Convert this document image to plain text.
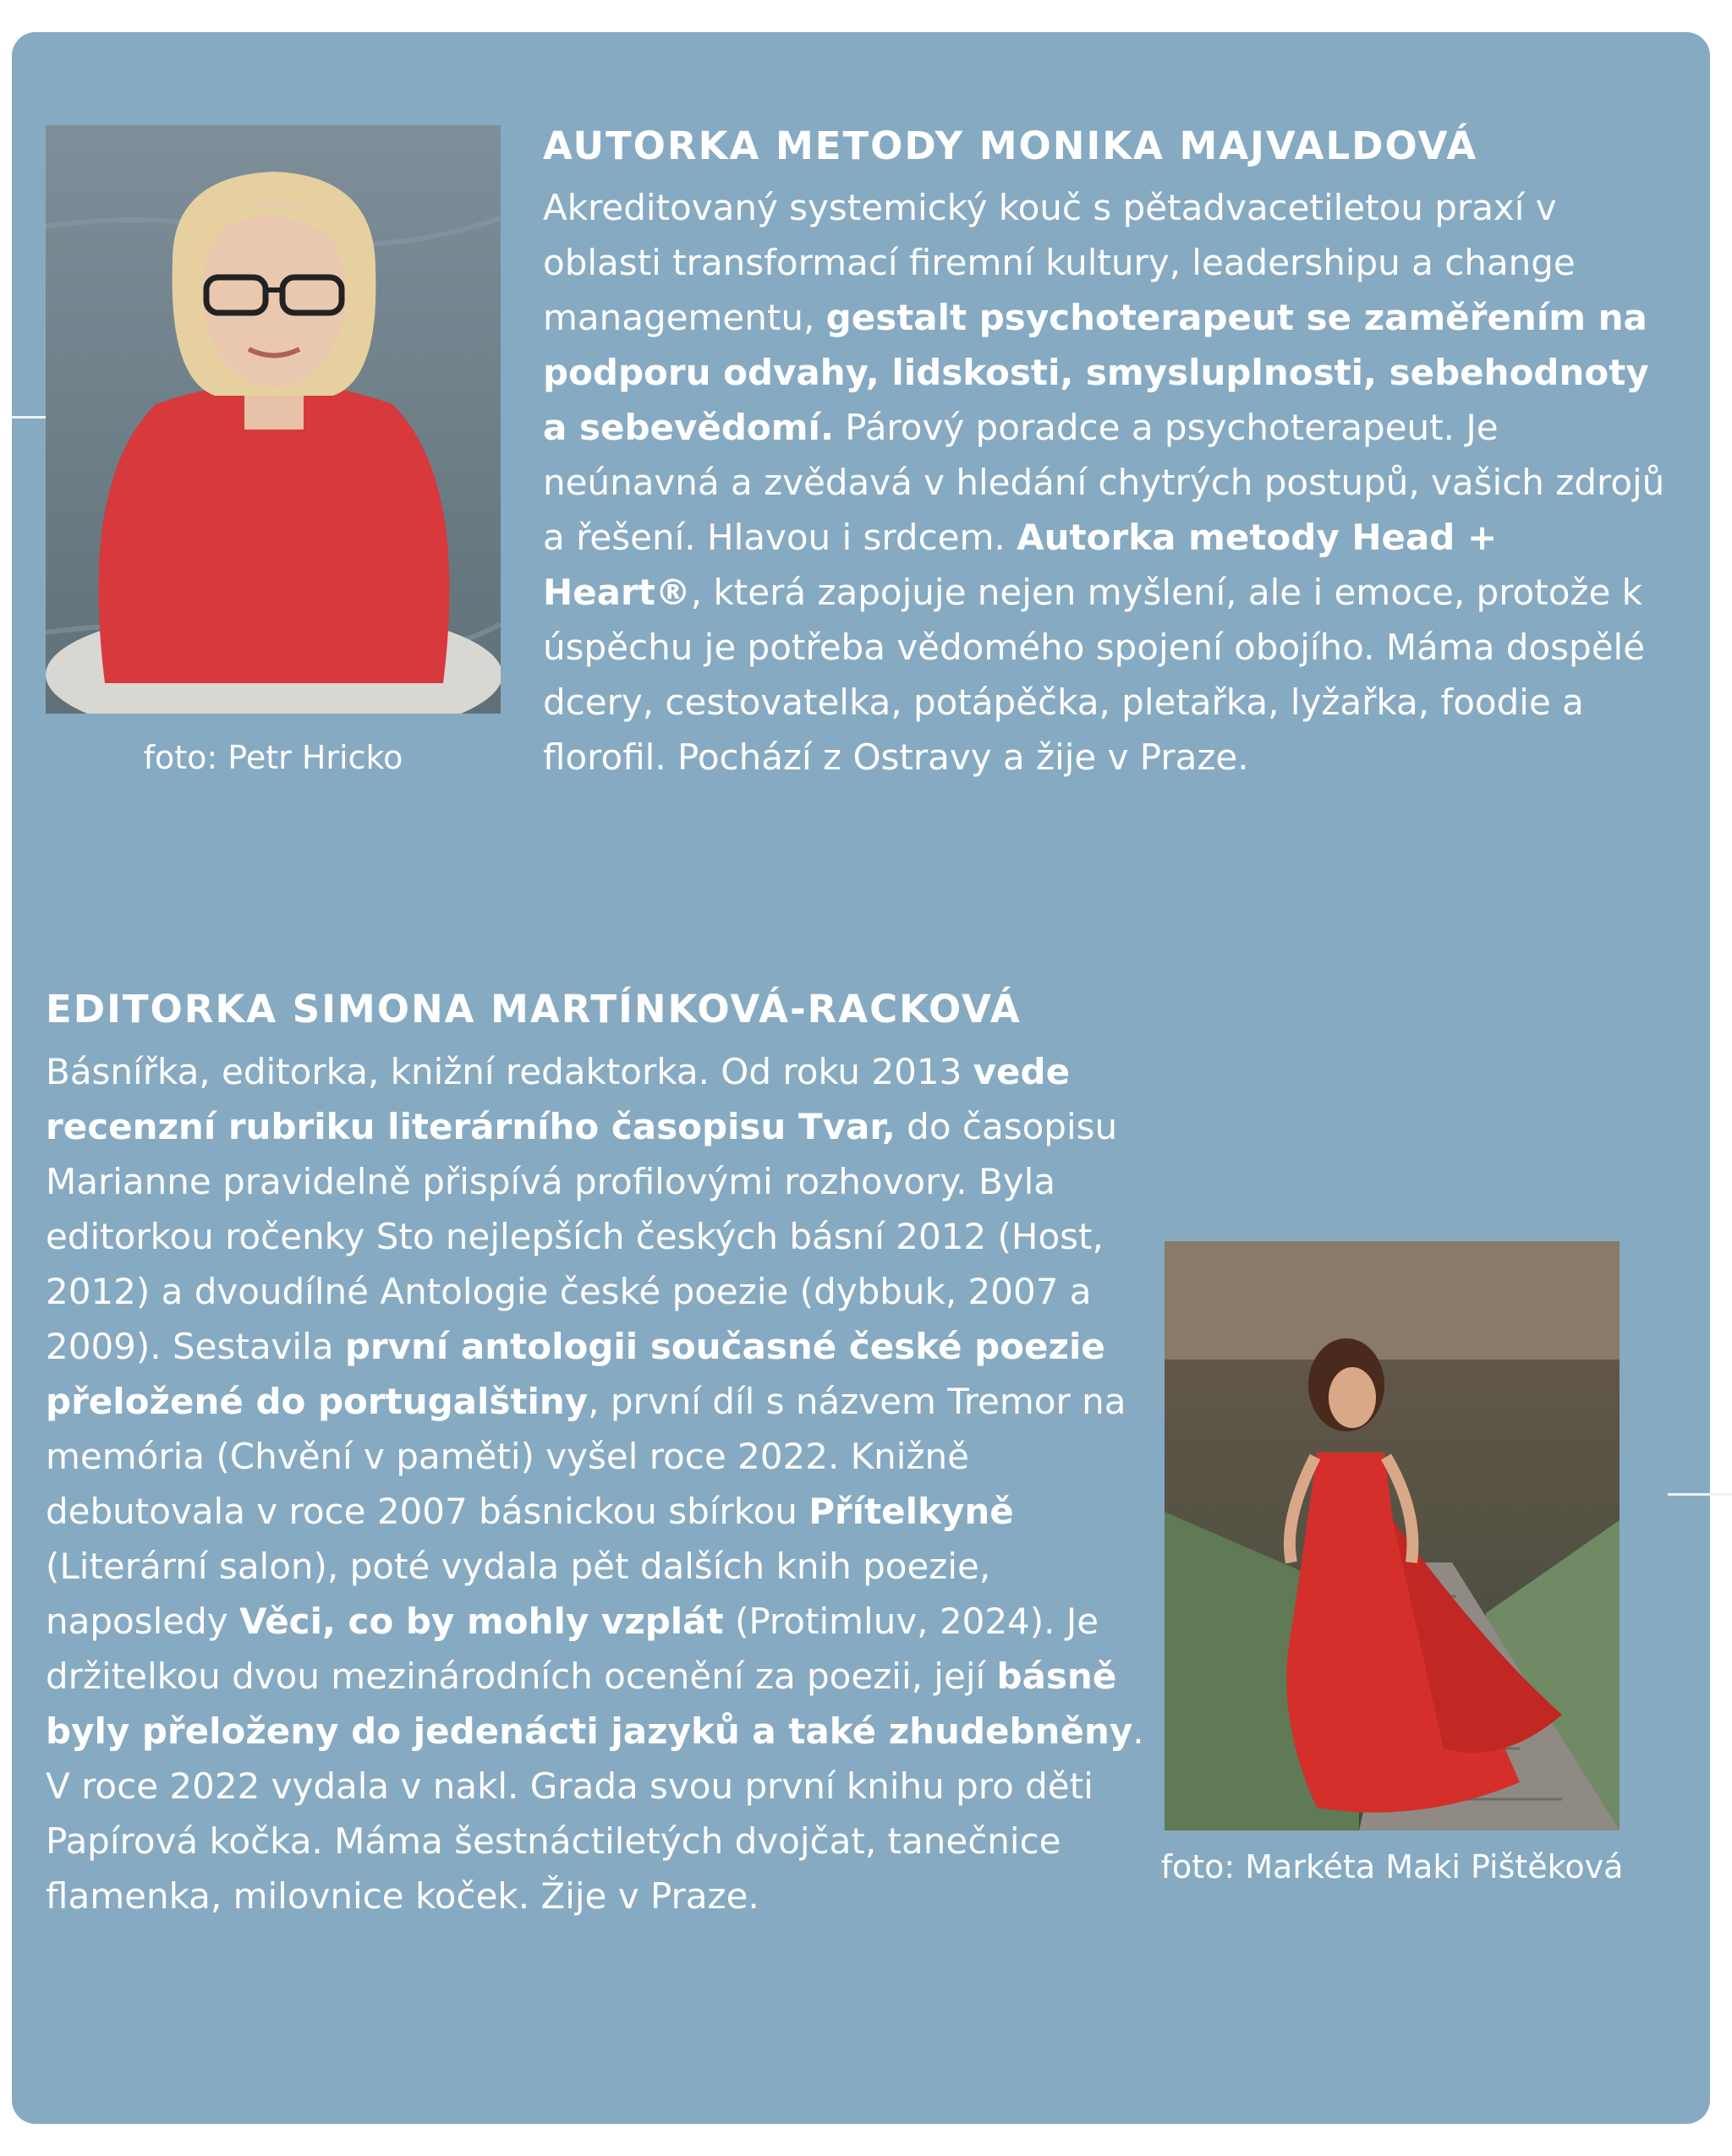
foto: Petr Hricko
AUTORKA METODY MONIKA MAJVALDOVÁ

Akreditovaný systemický kouč s pětadvacetiletou praxí v oblasti transformací firemní kultury, leadershipu a change managementu, gestalt psychoterapeut se zaměřením na podporu odvahy, lidskosti, smysluplnosti, sebehodnoty a sebevědomí. Párový poradce a psychoterapeut. Je neúnavná a zvědavá v hledání chytrých postupů, vašich zdrojů a řešení. Hlavou i srdcem. Autorka metody Head + Heart®, která zapojuje nejen myšlení, ale i emoce, protože k úspěchu je potřeba vědomého spojení obojího. Máma dospělé dcery, cestovatelka, potápěčka, pletařka, lyžařka, foodie a florofil. Pochází z Ostravy a žije v Praze.

EDITORKA SIMONA MARTÍNKOVÁ-RACKOVÁ

Básnířka, editorka, knižní redaktorka. Od roku 2013 vede recenzní rubriku literárního časopisu Tvar, do časopisu Marianne pravidelně přispívá profilovými rozhovory. Byla editorkou ročenky Sto nejlepších českých básní 2012 (Host, 2012) a dvoudílné Antologie české poezie (dybbuk, 2007 a 2009). Sestavila první antologii současné české poezie přeložené do portugalštiny, první díl s názvem Tremor na memória (Chvění v paměti) vyšel roce 2022. Knižně debutovala v roce 2007 básnickou sbírkou Přítelkyně (Literární salon), poté vydala pět dalších knih poezie, naposledy Věci, co by mohly vzplát (Protimluv, 2024). Je držitelkou dvou mezinárodních ocenění za poezii, její básně byly přeloženy do jedenácti jazyků a také zhudebněny. V roce 2022 vydala v nakl. Grada svou první knihu pro děti Papírová kočka. Máma šestnáctiletých dvojčat, tanečnice flamenka, milovnice koček. Žije v Praze.

foto: Markéta Maki Pištěková
